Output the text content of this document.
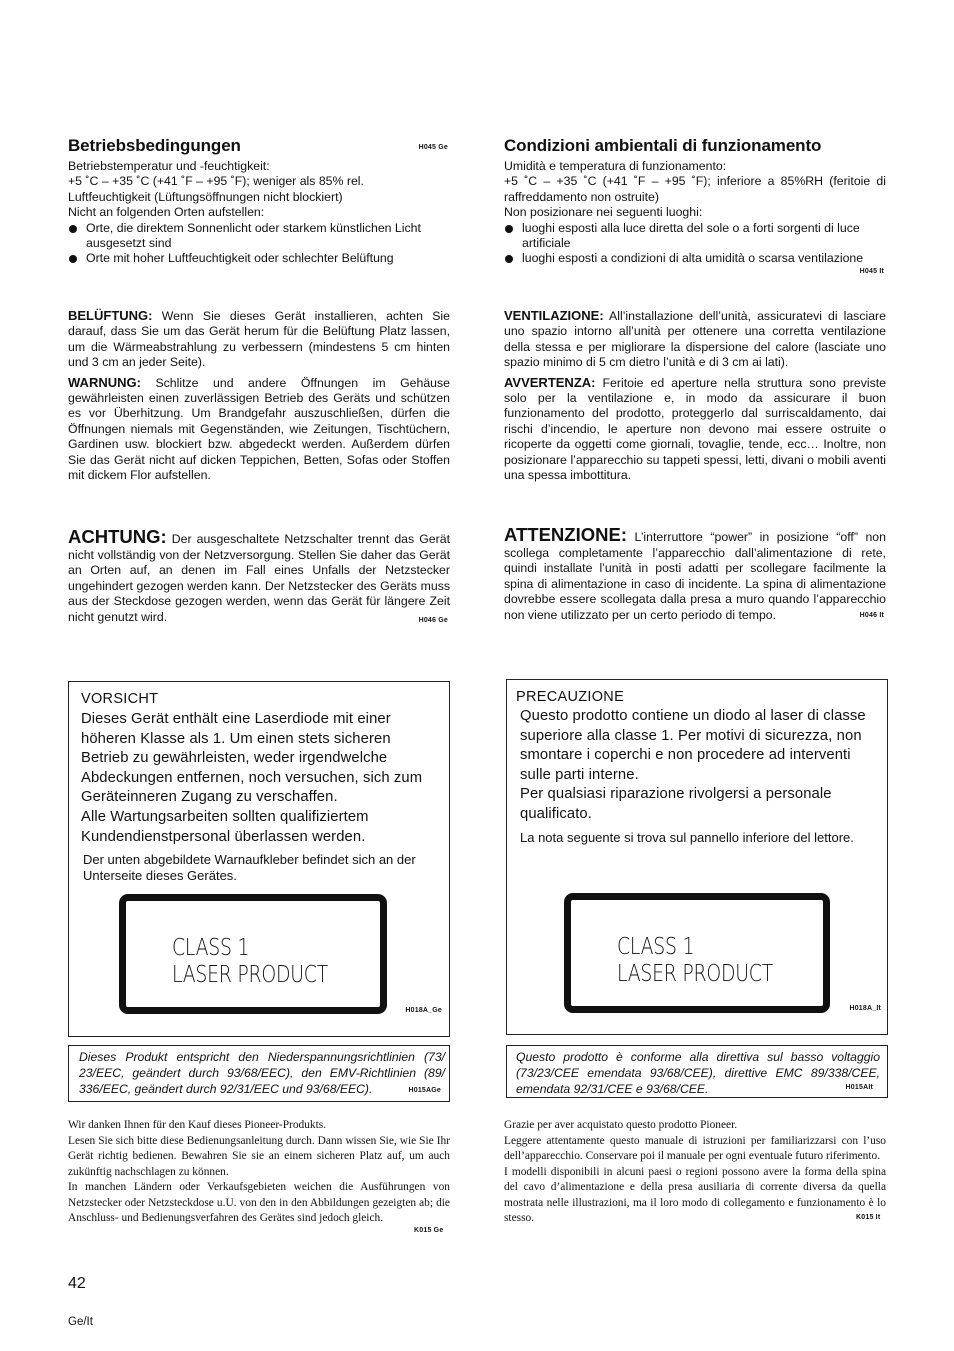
Betriebsbedingungen	H045 Ge

Betriebstemperatur und -feuchtigkeit:

+5 ˚C – +35 ˚C (+41 ˚F – +95 ˚F); weniger als 85% rel. Luftfeuchtigkeit (Lüftungsöffnungen nicht blockiert)

Nicht an folgenden Orten aufstellen:

Orte, die direktem Sonnenlicht oder starkem künstlichen Licht ausgesetzt sind

Orte mit hoher Luftfeuchtigkeit oder schlechter Belüftung

BELÜFTUNG: Wenn Sie dieses Gerät installieren, achten Sie darauf, dass Sie um das Gerät herum für die Belüftung Platz lassen, um die Wärmeabstrahlung zu verbessern (mindestens 5 cm hinten und 3 cm an jeder Seite).

WARNUNG: Schlitze und andere Öffnungen im Gehäuse gewährleisten einen zuverlässigen Betrieb des Geräts und schützen es vor Überhitzung. Um Brandgefahr auszuschließen, dürfen die Öffnungen niemals mit Gegenständen, wie Zeitungen, Tischtüchern, Gardinen usw. blockiert bzw. abgedeckt werden. Außerdem dürfen Sie das Gerät nicht auf dicken Teppichen, Betten, Sofas oder Stoffen mit dickem Flor aufstellen.

ACHTUNG: Der ausgeschaltete Netzschalter trennt das Gerät nicht vollständig von der Netzversorgung. Stellen Sie daher das Gerät an Orten auf, an denen im Fall eines Unfalls der Netzstecker ungehindert gezogen werden kann. Der Netzstecker des Geräts muss aus der Steckdose gezogen werden, wenn das Gerät für längere Zeit nicht genutzt wird.	H046 Ge
VORSICHT

Dieses Gerät enthält eine Laserdiode mit einer höheren Klasse als 1. Um einen stets sicheren Betrieb zu gewährleisten, weder irgendwelche Abdeckungen entfernen, noch versuchen, sich zum Geräteinneren Zugang zu verschaffen.

Alle Wartungsarbeiten sollten qualifiziertem Kundendienstpersonal überlassen werden.

Der unten abgebildete Warnaufkleber befindet sich an der Unterseite dieses Gerätes.
CLASS 1
LASER PRODUCT
H018A_Ge
Dieses Produkt entspricht den Niederspannungsrichtlinien (73/ 23/EEC, geändert durch 93/68/EEC), den EMV-Richtlinien (89/ 336/EEC, geändert durch 92/31/EEC und 93/68/EEC).	H015AGe
Wir danken Ihnen für den Kauf dieses Pioneer-Produkts.
Lesen Sie sich bitte diese Bedienungsanleitung durch. Dann wissen Sie, wie Sie Ihr Gerät richtig bedienen. Bewahren Sie sie an einem sicheren Platz auf, um auch zukünftig nachschlagen zu können.
In manchen Ländern oder Verkaufsgebieten weichen die Ausführungen von Netzstecker oder Netzsteckdose u.U. von den in den Abbildungen gezeigten ab; die Anschluss- und Bedienungsverfahren des Gerätes sind jedoch gleich.
K015 Ge
Condizioni ambientali di funzionamento

Umidità e temperatura di funzionamento:

+5 ˚C – +35 ˚C (+41 ˚F – +95 ˚F); inferiore a 85%RH (feritoie di raffreddamento non ostruite)

Non posizionare nei seguenti luoghi:

luoghi esposti alla luce diretta del sole o a forti sorgenti di luce artificiale

luoghi esposti a condizioni di alta umidità o scarsa ventilazione

H045 It

VENTILAZIONE: All’installazione dell’unità, assicuratevi di lasciare uno spazio intorno all’unità per ottenere una corretta ventilazione della stessa e per migliorare la dispersione del calore (lasciate uno spazio minimo di 5 cm dietro l’unità e di 3 cm ai lati).

AVVERTENZA: Feritoie ed aperture nella struttura sono previste solo per la ventilazione e, in modo da assicurare il buon funzionamento del prodotto, proteggerlo dal surriscaldamento, dai rischi d’incendio, le aperture non devono mai essere ostruite o ricoperte da oggetti come giornali, tovaglie, tende, ecc… Inoltre, non posizionare l’apparecchio su tappeti spessi, letti, divani o mobili aventi una spessa imbottitura.

ATTENZIONE: L’interruttore “power” in posizione “off” non scollega completamente l’apparecchio dall’alimentazione di rete, quindi installate l’unità in posti adatti per scollegare facilmente la spina di alimentazione in caso di incidente. La spina di alimentazione dovrebbe essere scollegata dalla presa a muro quando l’apparecchio non viene utilizzato per un certo periodo di tempo.	H046 It
PRECAUZIONE

Questo prodotto contiene un diodo al laser di classe superiore alla classe 1. Per motivi di sicurezza, non smontare i coperchi e non procedere ad interventi sulle parti interne.

Per qualsiasi riparazione rivolgersi a personale qualificato.

La nota seguente si trova sul pannello inferiore del lettore.
CLASS 1
LASER PRODUCT
H018A_It
Questo prodotto è conforme alla direttiva sul basso voltaggio (73/23/CEE emendata 93/68/CEE), direttive EMC 89/338/CEE, emendata 92/31/CEE e 93/68/CEE.	H015AIt
Grazie per aver acquistato questo prodotto Pioneer.
Leggere attentamente questo manuale di istruzioni per familiarizzarsi con l’uso dell’apparecchio. Conservare poi il manuale per ogni eventuale futuro riferimento.
I modelli disponibili in alcuni paesi o regioni possono avere la forma della spina del cavo d’alimentazione e della presa ausiliaria di corrente diversa da quella mostrata nelle illustrazioni, ma il loro modo di collegamento e funzionamento è lo stesso.	K015 It
42
Ge/It
